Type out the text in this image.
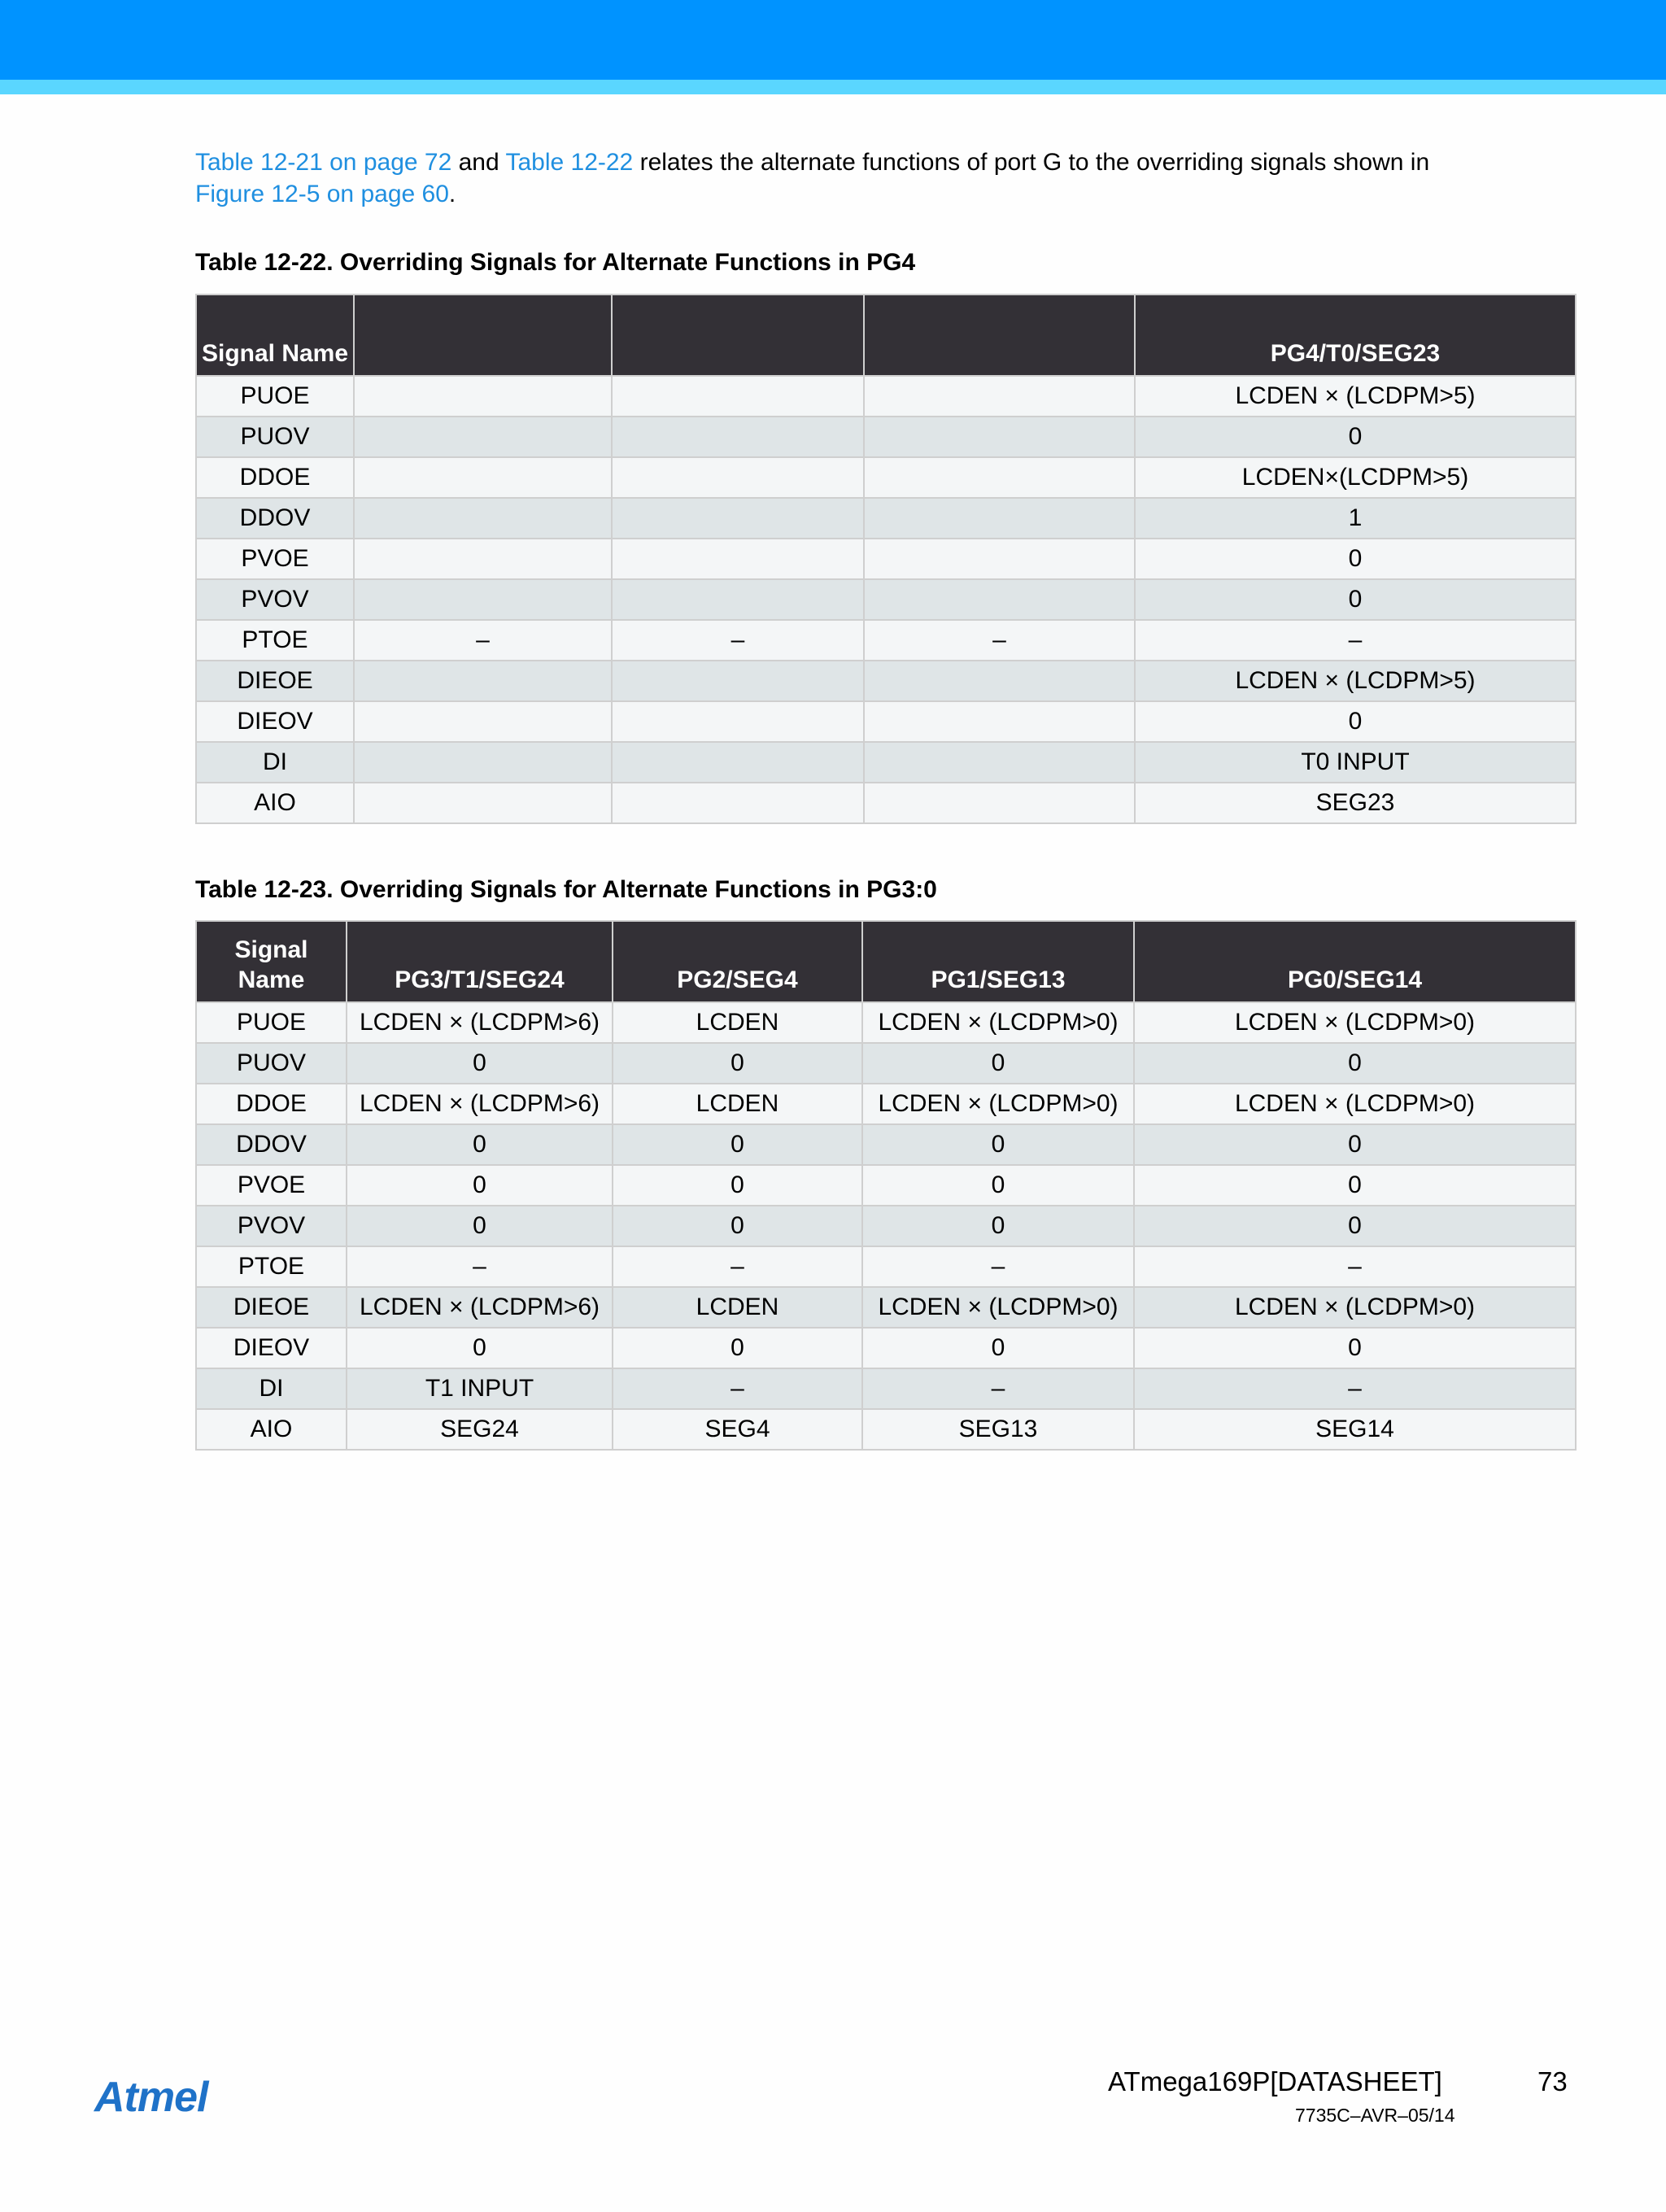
Table 12-21 on page 72 and Table 12-22 relates the alternate functions of port G to the overriding signals shown in Figure 12-5 on page 60.
Table 12-22. Overriding Signals for Alternate Functions in PG4
Signal Name				PG4/T0/SEG23
PUOE				LCDEN × (LCDPM>5)
PUOV				0
DDOE				LCDEN×(LCDPM>5)
DDOV				1
PVOE				0
PVOV				0
PTOE	–	–	–	–
DIEOE				LCDEN × (LCDPM>5)
DIEOV				0
DI				T0 INPUT
AIO				SEG23
Table 12-23. Overriding Signals for Alternate Functions in PG3:0
Signal Name	PG3/T1/SEG24	PG2/SEG4	PG1/SEG13	PG0/SEG14
PUOE	LCDEN × (LCDPM>6)	LCDEN	LCDEN × (LCDPM>0)	LCDEN × (LCDPM>0)
PUOV	0	0	0	0
DDOE	LCDEN × (LCDPM>6)	LCDEN	LCDEN × (LCDPM>0)	LCDEN × (LCDPM>0)
DDOV	0	0	0	0
PVOE	0	0	0	0
PVOV	0	0	0	0
PTOE	–	–	–	–
DIEOE	LCDEN × (LCDPM>6)	LCDEN	LCDEN × (LCDPM>0)	LCDEN × (LCDPM>0)
DIEOV	0	0	0	0
DI	T1 INPUT	–	–	–
AIO	SEG24	SEG4	SEG13	SEG14
Atmel	ATmega169P[DATASHEET]	73
7735C–AVR–05/14
